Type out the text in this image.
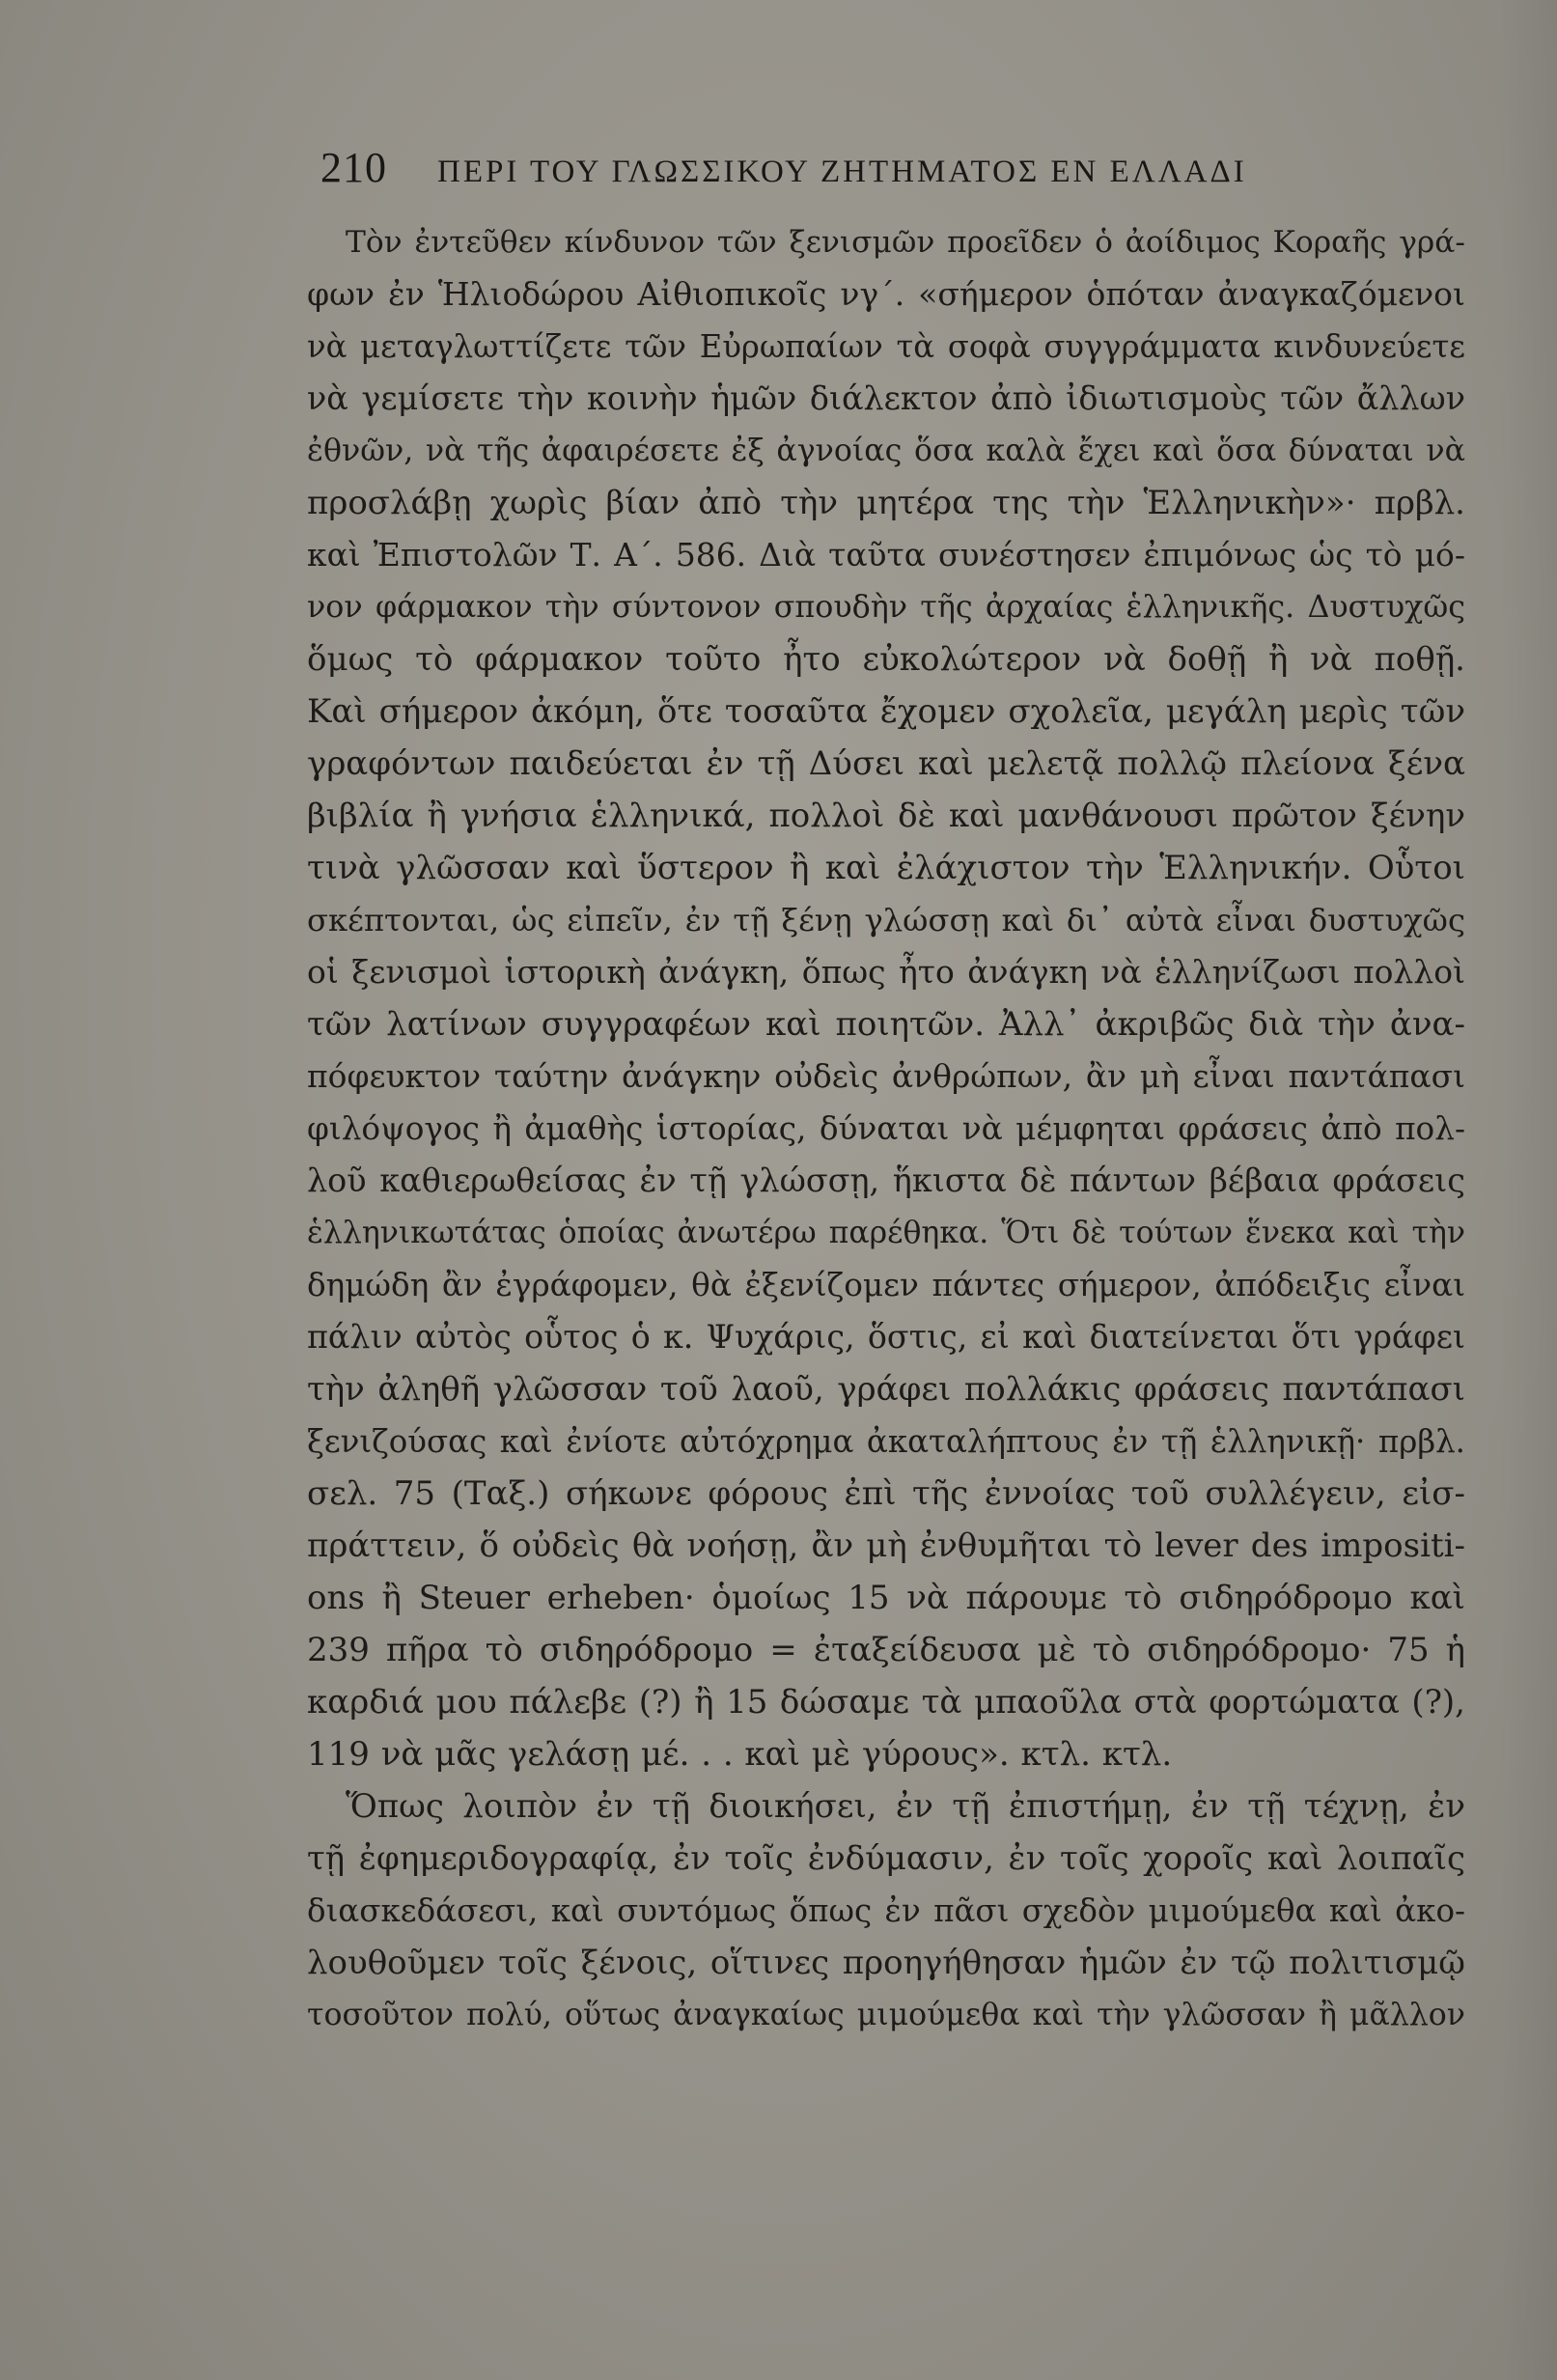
210 ΠΕΡΙ ΤΟΥ ΓΛΩΣΣΙΚΟΥ ΖΗΤΗΜΑΤΟΣ ΕΝ ΕΛΛΑΔΙ
Τὸν ἐντεῦθεν κίνδυνον τῶν ξενισμῶν προεῖδεν ὁ ἀοίδιμος Κοραῆς γρά-
φων ἐν Ἡλιοδώρου Αἰθιοπικοῖς νγ΄. «σήμερον ὁπόταν ἀναγκαζόμενοι
νὰ μεταγλωττίζετε τῶν Εὐρωπαίων τὰ σοφὰ συγγράμματα κινδυνεύετε
νὰ γεμίσετε τὴν κοινὴν ἡμῶν διάλεκτον ἀπὸ ἰδιωτισμοὺς τῶν ἄλλων
ἐθνῶν, νὰ τῆς ἀφαιρέσετε ἐξ ἀγνοίας ὅσα καλὰ ἔχει καὶ ὅσα δύναται νὰ
προσλάβῃ χωρὶς βίαν ἀπὸ τὴν μητέρα της τὴν Ἑλληνικὴν»· πρβλ.
καὶ Ἐπιστολῶν Τ. Α΄. 586. Διὰ ταῦτα συνέστησεν ἐπιμόνως ὡς τὸ μό-
νον φάρμακον τὴν σύντονον σπουδὴν τῆς ἀρχαίας ἑλληνικῆς. Δυστυχῶς
ὅμως τὸ φάρμακον τοῦτο ἦτο εὐκολώτερον νὰ δοθῇ ἢ νὰ ποθῇ.
Καὶ σήμερον ἀκόμη, ὅτε τοσαῦτα ἔχομεν σχολεῖα, μεγάλη μερὶς τῶν
γραφόντων παιδεύεται ἐν τῇ Δύσει καὶ μελετᾷ πολλῷ πλείονα ξένα
βιβλία ἢ γνήσια ἑλληνικά, πολλοὶ δὲ καὶ μανθάνουσι πρῶτον ξένην
τινὰ γλῶσσαν καὶ ὕστερον ἢ καὶ ἐλάχιστον τὴν Ἑλληνικήν. Οὗτοι
σκέπτονται, ὡς εἰπεῖν, ἐν τῇ ξένῃ γλώσσῃ καὶ δι᾽ αὐτὰ εἶναι δυστυχῶς
οἱ ξενισμοὶ ἱστορικὴ ἀνάγκη, ὅπως ἦτο ἀνάγκη νὰ ἑλληνίζωσι πολλοὶ
τῶν λατίνων συγγραφέων καὶ ποιητῶν. Ἀλλ᾽ ἀκριβῶς διὰ τὴν ἀνα-
πόφευκτον ταύτην ἀνάγκην οὐδεὶς ἀνθρώπων, ἂν μὴ εἶναι παντάπασι
φιλόψογος ἢ ἀμαθὴς ἱστορίας, δύναται νὰ μέμφηται φράσεις ἀπὸ πολ-
λοῦ καθιερωθείσας ἐν τῇ γλώσσῃ, ἥκιστα δὲ πάντων βέβαια φράσεις
ἑλληνικωτάτας ὁποίας ἀνωτέρω παρέθηκα. Ὅτι δὲ τούτων ἕνεκα καὶ τὴν
δημώδη ἂν ἐγράφομεν, θὰ ἐξενίζομεν πάντες σήμερον, ἀπόδειξις εἶναι
πάλιν αὐτὸς οὗτος ὁ κ. Ψυχάρις, ὅστις, εἰ καὶ διατείνεται ὅτι γράφει
τὴν ἀληθῆ γλῶσσαν τοῦ λαοῦ, γράφει πολλάκις φράσεις παντάπασι
ξενιζούσας καὶ ἐνίοτε αὐτόχρημα ἀκαταλήπτους ἐν τῇ ἑλληνικῇ· πρβλ.
σελ. 75 (Ταξ.) σήκωνε φόρους ἐπὶ τῆς ἐννοίας τοῦ συλλέγειν, εἰσ-
πράττειν, ὅ οὐδεὶς θὰ νοήσῃ, ἂν μὴ ἐνθυμῆται τὸ lever des impositi-
ons ἢ Steuer erheben· ὁμοίως 15 νὰ πάρουμε τὸ σιδηρόδρομο καὶ
239 πῆρα τὸ σιδηρόδρομο = ἐταξείδευσα μὲ τὸ σιδηρόδρομο· 75 ἡ
καρδιά μου πάλεβε (?) ἢ 15 δώσαμε τὰ μπαοῦλα στὰ φορτώματα (?),
119 νὰ μᾶς γελάσῃ μέ. . . καὶ μὲ γύρους». κτλ. κτλ.
Ὅπως λοιπὸν ἐν τῇ διοικήσει, ἐν τῇ ἐπιστήμῃ, ἐν τῇ τέχνῃ, ἐν
τῇ ἐφημεριδογραφίᾳ, ἐν τοῖς ἐνδύμασιν, ἐν τοῖς χοροῖς καὶ λοιπαῖς
διασκεδάσεσι, καὶ συντόμως ὅπως ἐν πᾶσι σχεδὸν μιμούμεθα καὶ ἀκο-
λουθοῦμεν τοῖς ξένοις, οἵτινες προηγήθησαν ἡμῶν ἐν τῷ πολιτισμῷ
τοσοῦτον πολύ, οὕτως ἀναγκαίως μιμούμεθα καὶ τὴν γλῶσσαν ἢ μᾶλλον
